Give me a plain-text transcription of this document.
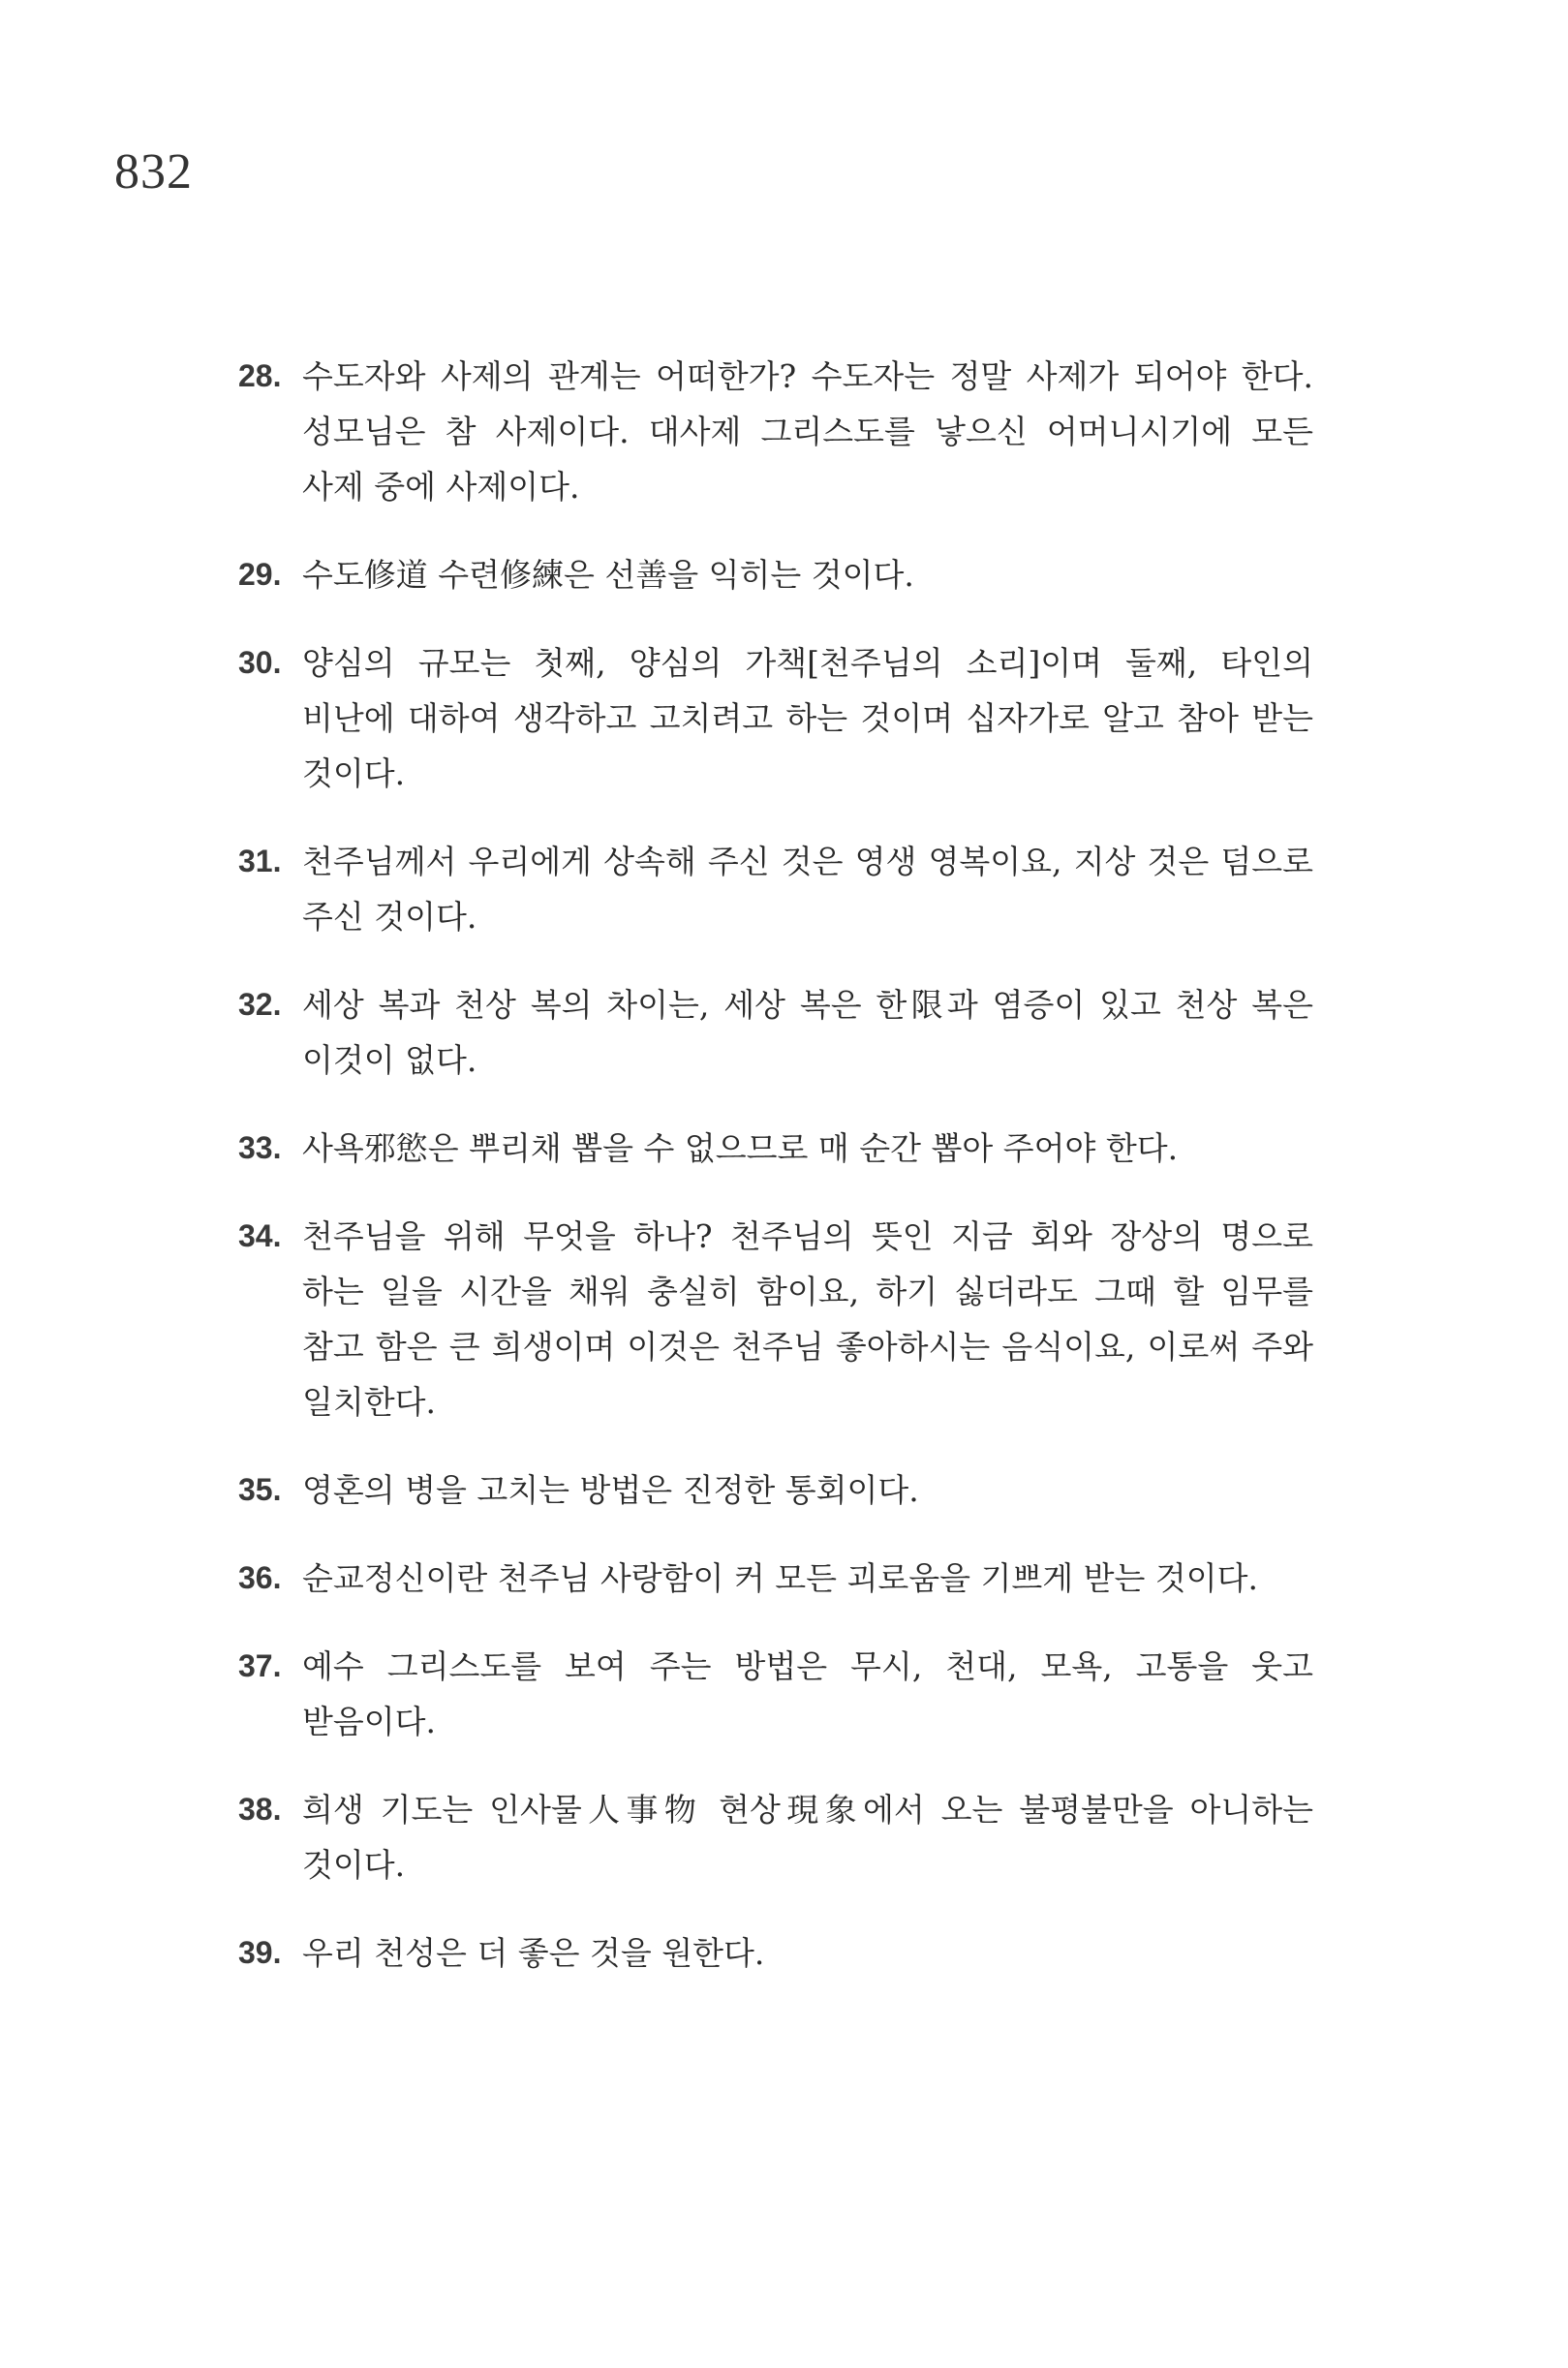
832
28. 수도자와 사제의 관계는 어떠한가? 수도자는 정말 사제가 되어야 한다. 성모님은 참 사제이다. 대사제 그리스도를 낳으신 어머니시기에 모든 사제 중에 사제이다.
29. 수도修道 수련修練은 선善을 익히는 것이다.
30. 양심의 규모는 첫째, 양심의 가책[천주님의 소리]이며 둘째, 타인의 비난에 대하여 생각하고 고치려고 하는 것이며 십자가로 알고 참아 받는 것이다.
31. 천주님께서 우리에게 상속해 주신 것은 영생 영복이요, 지상 것은 덤으로 주신 것이다.
32. 세상 복과 천상 복의 차이는, 세상 복은 한限과 염증이 있고 천상 복은 이것이 없다.
33. 사욕邪慾은 뿌리채 뽑을 수 없으므로 매 순간 뽑아 주어야 한다.
34. 천주님을 위해 무엇을 하나? 천주님의 뜻인 지금 회와 장상의 명으로 하는 일을 시간을 채워 충실히 함이요, 하기 싫더라도 그때 할 임무를 참고 함은 큰 희생이며 이것은 천주님 좋아하시는 음식이요, 이로써 주와 일치한다.
35. 영혼의 병을 고치는 방법은 진정한 통회이다.
36. 순교정신이란 천주님 사랑함이 커 모든 괴로움을 기쁘게 받는 것이다.
37. 예수 그리스도를 보여 주는 방법은 무시, 천대, 모욕, 고통을 웃고 받음이다.
38. 희생 기도는 인사물人事物 현상現象에서 오는 불평불만을 아니하는 것이다.
39. 우리 천성은 더 좋은 것을 원한다.
